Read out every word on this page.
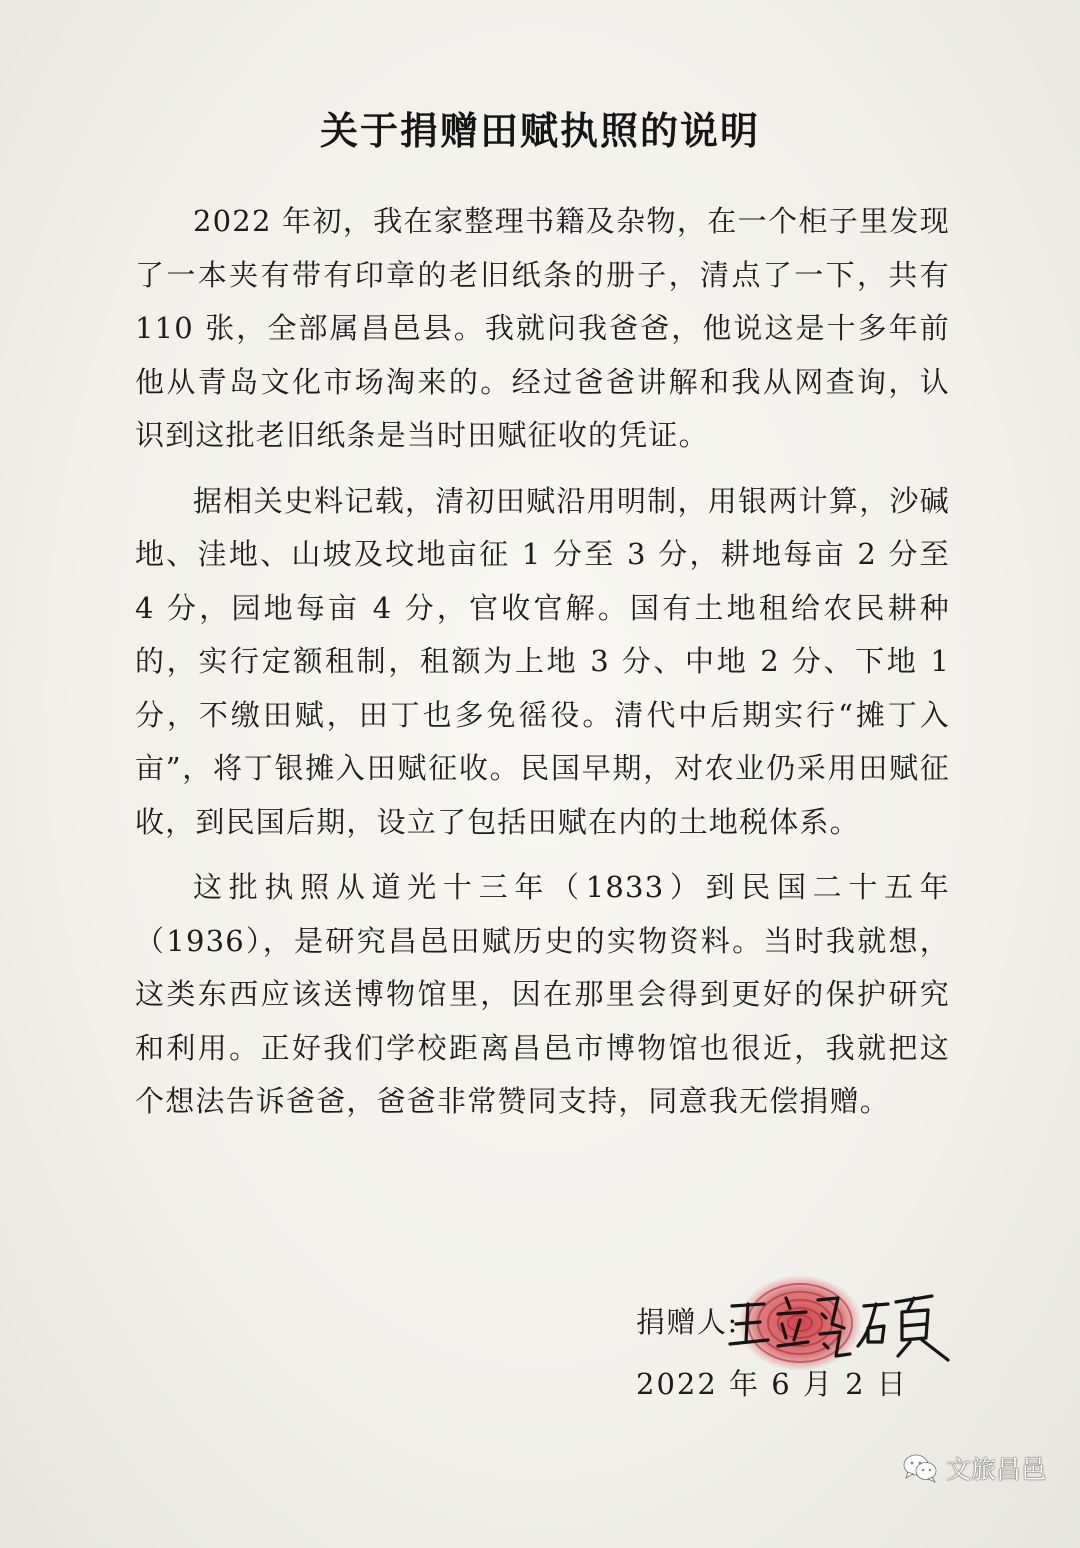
关于捐赠田赋执照的说明

2022 年初，我在家整理书籍及杂物，在一个柜子里发现了一本夹有带有印章的老旧纸条的册子，清点了一下，共有 110 张，全部属昌邑县。我就问我爸爸，他说这是十多年前他从青岛文化市场淘来的。经过爸爸讲解和我从网查询，认识到这批老旧纸条是当时田赋征收的凭证。

据相关史料记载，清初田赋沿用明制，用银两计算，沙碱地、洼地、山坡及坟地亩征 1 分至 3 分，耕地每亩 2 分至 4 分，园地每亩 4 分，官收官解。国有土地租给农民耕种的，实行定额租制，租额为上地 3 分、中地 2 分、下地 1 分，不缴田赋，田丁也多免徭役。清代中后期实行“摊丁入亩”，将丁银摊入田赋征收。民国早期，对农业仍采用田赋征收，到民国后期，设立了包括田赋在内的土地税体系。

这批执照从道光十三年（1833）到民国二十五年（1936），是研究昌邑田赋历史的实物资料。当时我就想，这类东西应该送博物馆里，因在那里会得到更好的保护研究和利用。正好我们学校距离昌邑市博物馆也很近，我就把这个想法告诉爸爸，爸爸非常赞同支持，同意我无偿捐赠。

捐赠人:
2022 年 6 月 2 日
文旅昌邑
